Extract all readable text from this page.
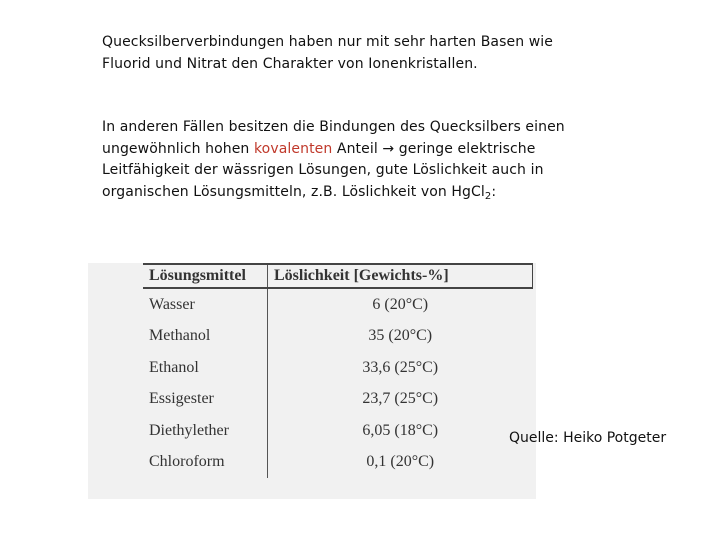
Quecksilberverbindungen haben nur mit sehr harten Basen wie Fluorid und Nitrat den Charakter von Ionenkristallen.
In anderen Fällen besitzen die Bindungen des Quecksilbers einen ungewöhnlich hohen kovalenten Anteil → geringe elektrische Leitfähigkeit der wässrigen Lösungen, gute Löslichkeit auch in organischen Lösungsmitteln, z.B. Löslichkeit von HgCl$_2$:
Lösungsmittel	Löslichkeit [Gewichts-%]
Wasser	6 (20°C)
Methanol	35 (20°C)
Ethanol	33,6 (25°C)
Essigester	23,7 (25°C)
Diethylether	6,05 (18°C)
Chloroform	0,1 (20°C)
Quelle: Heiko Potgeter
